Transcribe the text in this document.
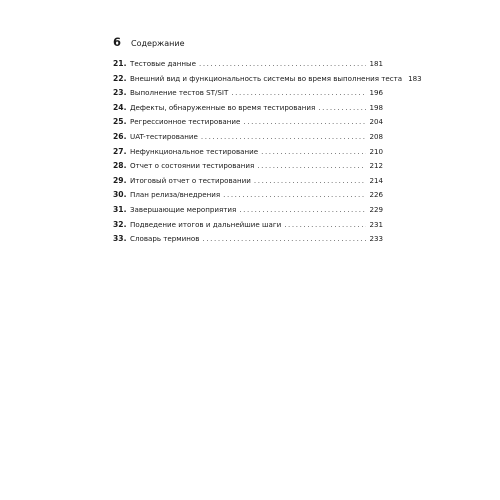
6 Содержание
21. Тестовые данные .....	181
22. Внешний вид и функциональность системы во время выполнения теста 183
23. Выполнение тестов ST/SIT .....	196
24. Дефекты, обнаруженные во время тестирования .....	198
25. Регрессионное тестирование .....	204
26. UAT-тестирование .....	208
27. Нефункциональное тестирование .....	210
28. Отчет о состоянии тестирования .....	212
29. Итоговый отчет о тестировании .....	214
30. План релиза/внедрения .....	226
31. Завершающие мероприятия .....	229
32. Подведение итогов и дальнейшие шаги .....	231
33. Словарь терминов .....	233
